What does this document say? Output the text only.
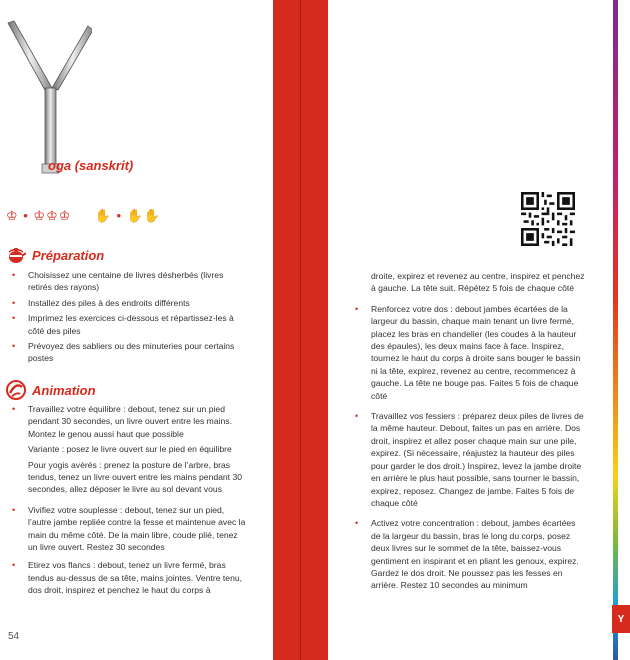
Y
54
oga (sanskrit)
♔ • ♔♔♔ ✋ • ✋✋
Préparation
• Choisissez une centaine de livres désherbés (livres retirés des rayons)
• Installez des piles à des endroits différents
• Imprimez les exercices ci-dessous et répartissez-les à côté des piles
• Prévoyez des sabliers ou des minuteries pour certains postes
Animation
• Travaillez votre équilibre : debout, tenez sur un pied pendant 30 secondes, un livre ouvert entre les mains. Montez le genou aussi haut que possible
Variante : posez le livre ouvert sur le pied en équilibre
Pour yogis avérés : prenez la posture de l’arbre, bras tendus, tenez un livre ouvert entre les mains pendant 30 secondes, allez déposer le livre au sol devant vous
• Vivifiez votre souplesse : debout, tenez sur un pied, l’autre jambe repliée contre la fesse et maintenue avec la main du même côté. De la main libre, coude plié, tenez un livre ouvert. Restez 30 secondes
• Etirez vos flancs : debout, tenez un livre fermé, bras tendus au-dessus de sa tête, mains jointes. Ventre tenu, dos droit, inspirez et penchez le haut du corps à
droite, expirez et revenez au centre, inspirez et penchez à gauche. La tête suit. Répétez 5 fois de chaque côté
• Renforcez votre dos : debout jambes écartées de la largeur du bassin, chaque main tenant un livre fermé, placez les bras en chandelier (les coudes à la hauteur des épaules), les deux mains face à face. Inspirez, tournez le haut du corps à droite sans bouger le bassin ni la tête, expirez, revenez au centre, recommencez à gauche. La tête ne bouge pas. Faites 5 fois de chaque côté
• Travaillez vos fessiers : préparez deux piles de livres de la même hauteur. Debout, faites un pas en arrière. Dos droit, inspirez et allez poser chaque main sur une pile, expirez. (Si nécessaire, réajustez la hauteur des piles pour garder le dos droit.) Inspirez, levez la jambe droite en arrière le plus haut possible, sans tourner le bassin, expirez, reposez. Changez de jambe. Faites 5 fois de chaque côté
• Activez votre concentration : debout, jambes écartées de la largeur du bassin, bras le long du corps, posez deux livres sur le sommet de la tête, baissez-vous gentiment en inspirant et en pliant les genoux, expirez. Gardez le dos droit. Ne poussez pas les fesses en arrière. Restez 10 secondes au minimum
